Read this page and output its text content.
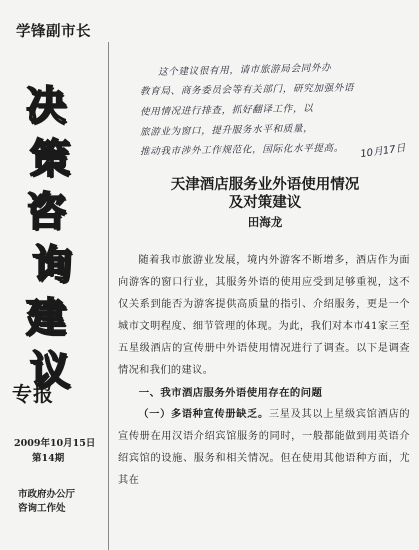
学锋副市长
决
策
咨
询
建
议
专报
2009年10月15日
第14期
市政府办公厅
咨询工作处
这个建议很有用，请市旅游局会同外办
教育局、商务委员会等有关部门，研究加强外语
使用情况进行排查，抓好翻译工作，以
旅游业为窗口，提升服务水平和质量，
推动我市涉外工作规范化，国际化水平提高。	10月17日
天津酒店服务业外语使用情况
及对策建议
田海龙

随着我市旅游业发展，境内外游客不断增多，酒店作为面向游客的窗口行业，其服务外语的使用应受到足够重视，这不仅关系到能否为游客提供高质量的指引、介绍服务，更是一个城市文明程度、细节管理的体现。为此，我们对本市41家三至五星级酒店的宣传册中外语使用情况进行了调查。以下是调查情况和我们的建议。

一、我市酒店服务外语使用存在的问题

（一）多语种宣传册缺乏。三星及其以上星级宾馆酒店的宣传册在用汉语介绍宾馆服务的同时，一般都能做到用英语介绍宾馆的设施、服务和相关情况。但在使用其他语种方面，尤其在
